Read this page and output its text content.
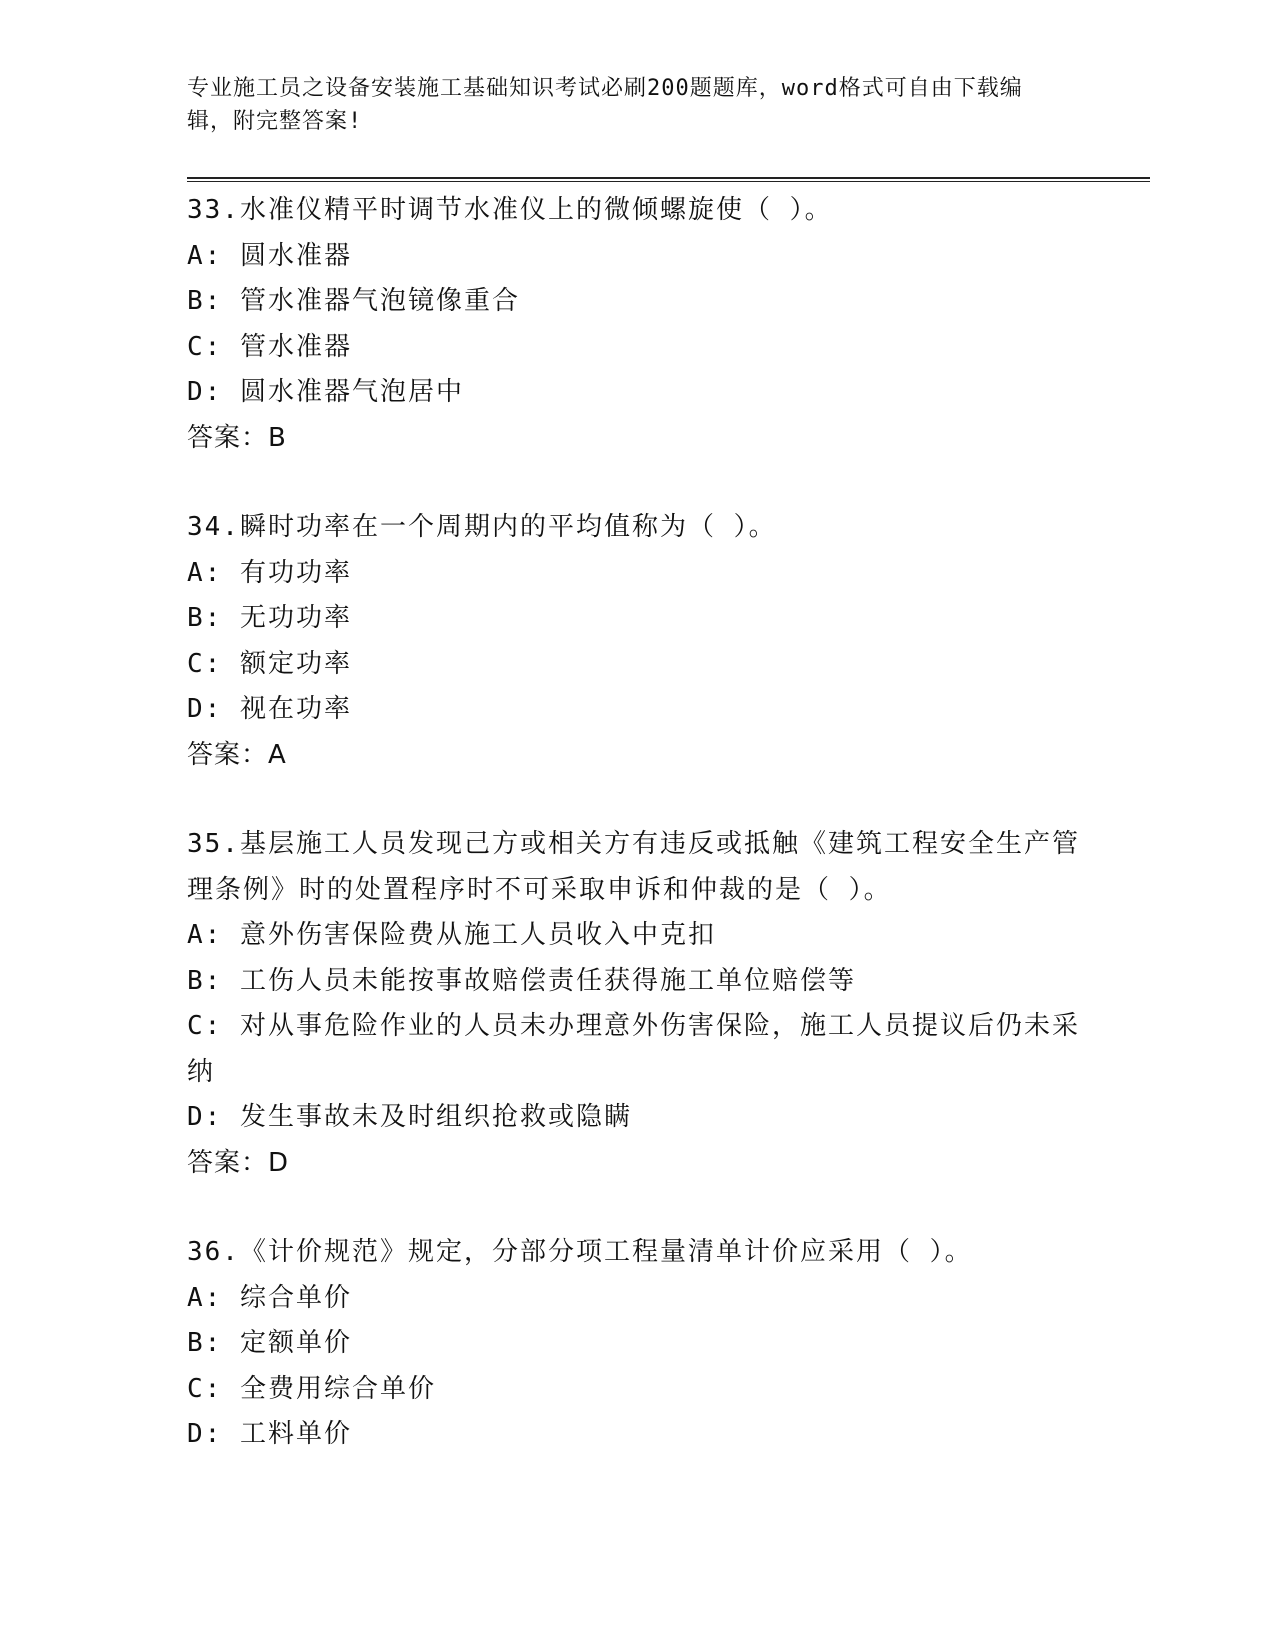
专业施工员之设备安装施工基础知识考试必刷200题题库，word格式可自由下载编辑，附完整答案!
33.水准仪精平时调节水准仪上的微倾螺旋使（ ）。
A: 圆水准器
B: 管水准器气泡镜像重合
C: 管水准器
D: 圆水准器气泡居中
答案：B
34.瞬时功率在一个周期内的平均值称为（ ）。
A: 有功功率
B: 无功功率
C: 额定功率
D: 视在功率
答案：A
35.基层施工人员发现己方或相关方有违反或抵触《建筑工程安全生产管理条例》时的处置程序时不可采取申诉和仲裁的是（ ）。
A: 意外伤害保险费从施工人员收入中克扣
B: 工伤人员未能按事故赔偿责任获得施工单位赔偿等
C: 对从事危险作业的人员未办理意外伤害保险，施工人员提议后仍未采纳
D: 发生事故未及时组织抢救或隐瞒
答案：D
36.《计价规范》规定，分部分项工程量清单计价应采用（ ）。
A: 综合单价
B: 定额单价
C: 全费用综合单价
D: 工料单价
